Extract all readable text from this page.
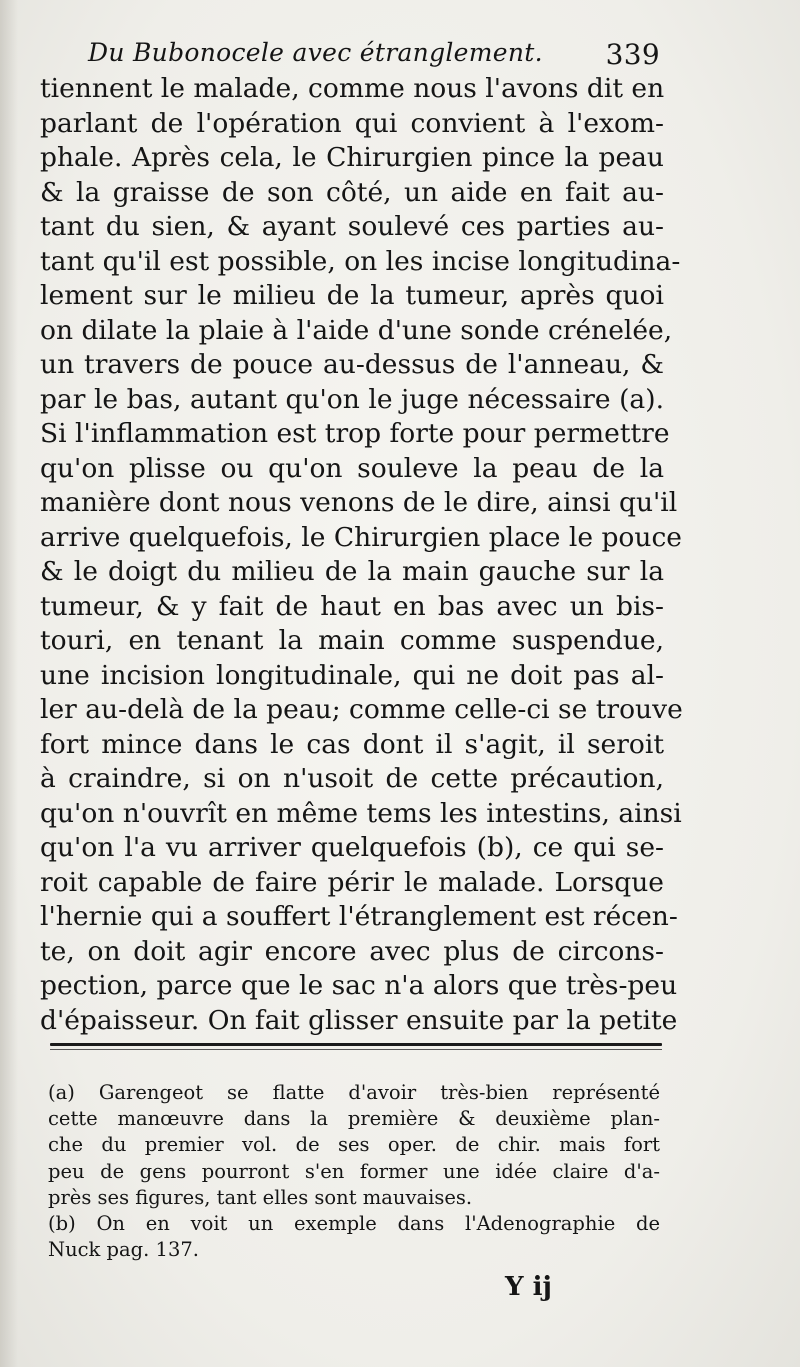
Du Bubonocele avec étranglement. 339
tiennent le malade, comme nous l'avons dit en
parlant de l'opération qui convient à l'exom-
phale. Après cela, le Chirurgien pince la peau
& la graisse de son côté, un aide en fait au-
tant du sien, & ayant soulevé ces parties au-
tant qu'il est possible, on les incise longitudina-
lement sur le milieu de la tumeur, après quoi
on dilate la plaie à l'aide d'une sonde crénelée,
un travers de pouce au-dessus de l'anneau, &
par le bas, autant qu'on le juge nécessaire (a).
Si l'inflammation est trop forte pour permettre
qu'on plisse ou qu'on souleve la peau de la
manière dont nous venons de le dire, ainsi qu'il
arrive quelquefois, le Chirurgien place le pouce
& le doigt du milieu de la main gauche sur la
tumeur, & y fait de haut en bas avec un bis-
touri, en tenant la main comme suspendue,
une incision longitudinale, qui ne doit pas al-
ler au-delà de la peau; comme celle-ci se trouve
fort mince dans le cas dont il s'agit, il seroit
à craindre, si on n'usoit de cette précaution,
qu'on n'ouvrît en même tems les intestins, ainsi
qu'on l'a vu arriver quelquefois (b), ce qui se-
roit capable de faire périr le malade. Lorsque
l'hernie qui a souffert l'étranglement est récen-
te, on doit agir encore avec plus de circons-
pection, parce que le sac n'a alors que très-peu
d'épaisseur. On fait glisser ensuite par la petite
(a) Garengeot se flatte d'avoir très-bien représenté
cette manœuvre dans la première & deuxième plan-
che du premier vol. de ses oper. de chir. mais fort
peu de gens pourront s'en former une idée claire d'a-
près ses figures, tant elles sont mauvaises.
(b) On en voit un exemple dans l'Adenographie de
Nuck pag. 137.
Y ij
